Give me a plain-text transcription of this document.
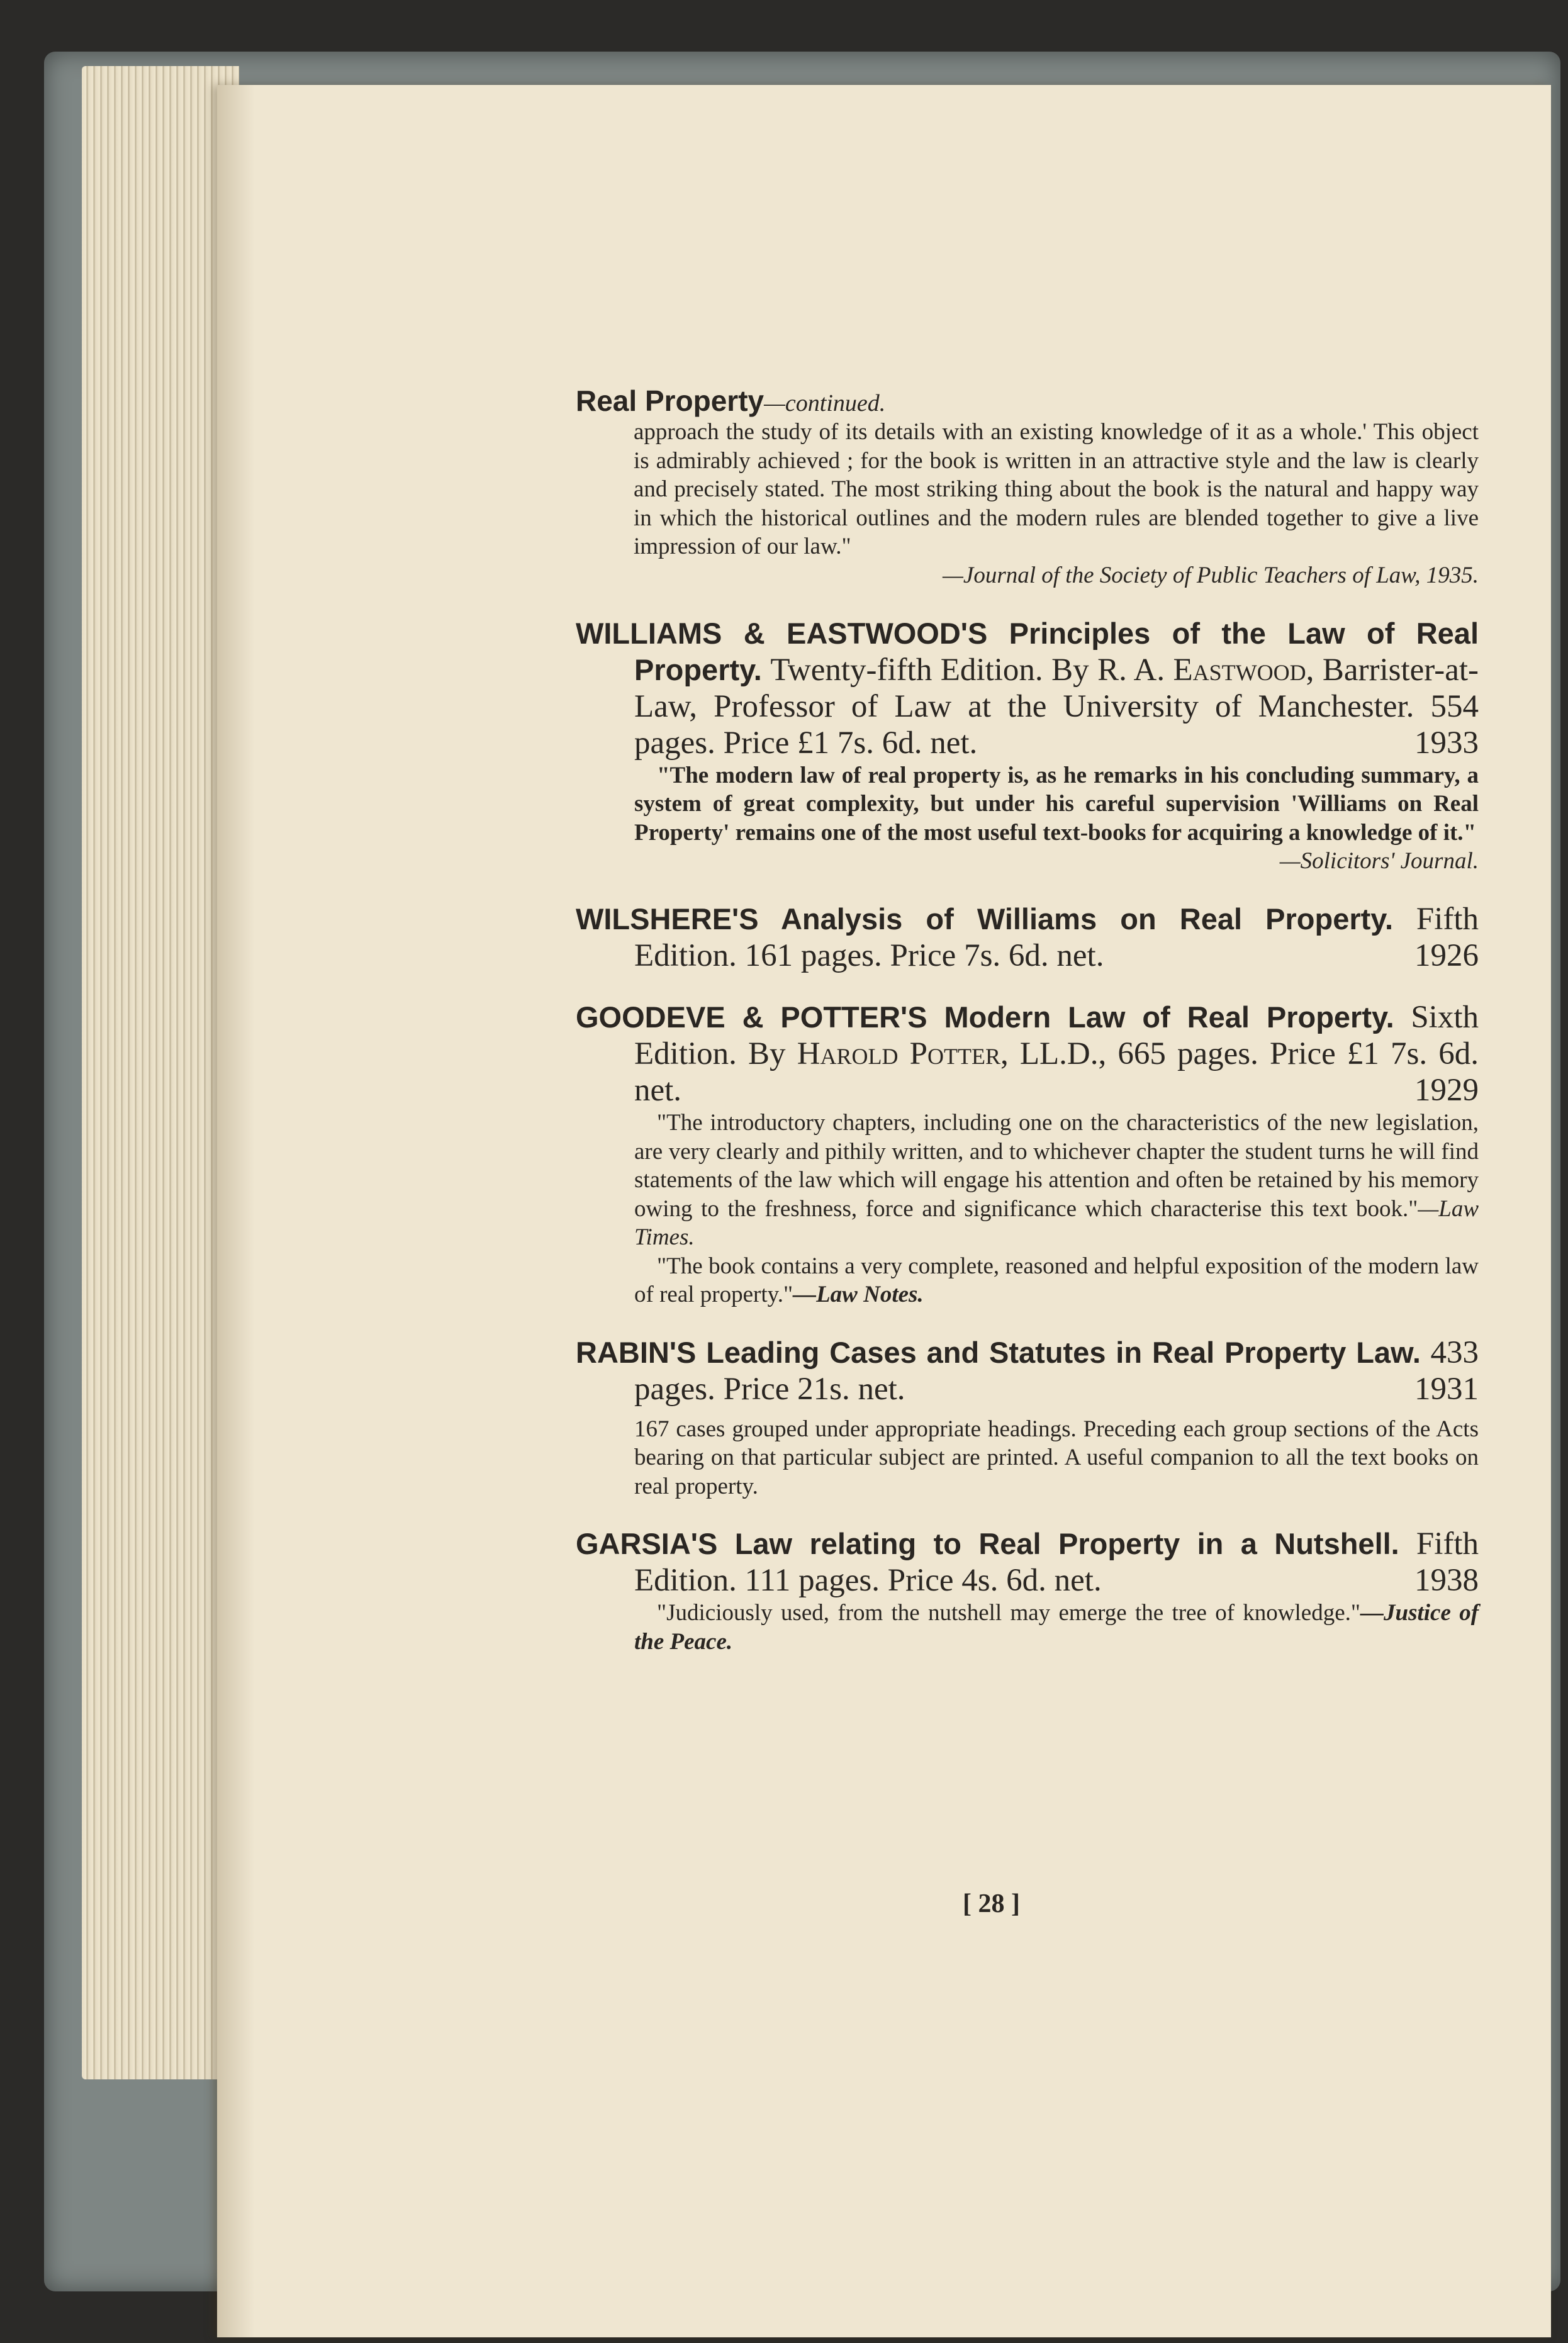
Real Property—continued.
approach the study of its details with an existing knowledge of it as a whole.' This object is admirably achieved ; for the book is written in an attractive style and the law is clearly and precisely stated. The most striking thing about the book is the natural and happy way in which the historical outlines and the modern rules are blended together to give a live impression of our law."
—Journal of the Society of Public Teachers of Law, 1935.
WILLIAMS & EASTWOOD'S Principles of the Law of Real Property. Twenty-fifth Edition. By R. A. Eastwood, Barrister-at-Law, Professor of Law at the University of Manchester. 554 pages. Price £1 7s. 6d. net.	1933
"The modern law of real property is, as he remarks in his concluding summary, a system of great complexity, but under his careful supervision 'Williams on Real Property' remains one of the most useful text-books for acquiring a knowledge of it."
—Solicitors' Journal.
WILSHERE'S Analysis of Williams on Real Property. Fifth Edition. 161 pages. Price 7s. 6d. net.	1926
GOODEVE & POTTER'S Modern Law of Real Property. Sixth Edition. By Harold Potter, LL.D., 665 pages. Price £1 7s. 6d. net.	1929
"The introductory chapters, including one on the characteristics of the new legislation, are very clearly and pithily written, and to whichever chapter the student turns he will find statements of the law which will engage his attention and often be retained by his memory owing to the freshness, force and significance which characterise this text book."—Law Times.
"The book contains a very complete, reasoned and helpful exposition of the modern law of real property."—Law Notes.
RABIN'S Leading Cases and Statutes in Real Property Law. 433 pages. Price 21s. net.	1931
167 cases grouped under appropriate headings. Preceding each group sections of the Acts bearing on that particular subject are printed. A useful companion to all the text books on real property.
GARSIA'S Law relating to Real Property in a Nutshell. Fifth Edition. 111 pages. Price 4s. 6d. net.	1938
"Judiciously used, from the nutshell may emerge the tree of knowledge."—Justice of the Peace.
[ 28 ]
